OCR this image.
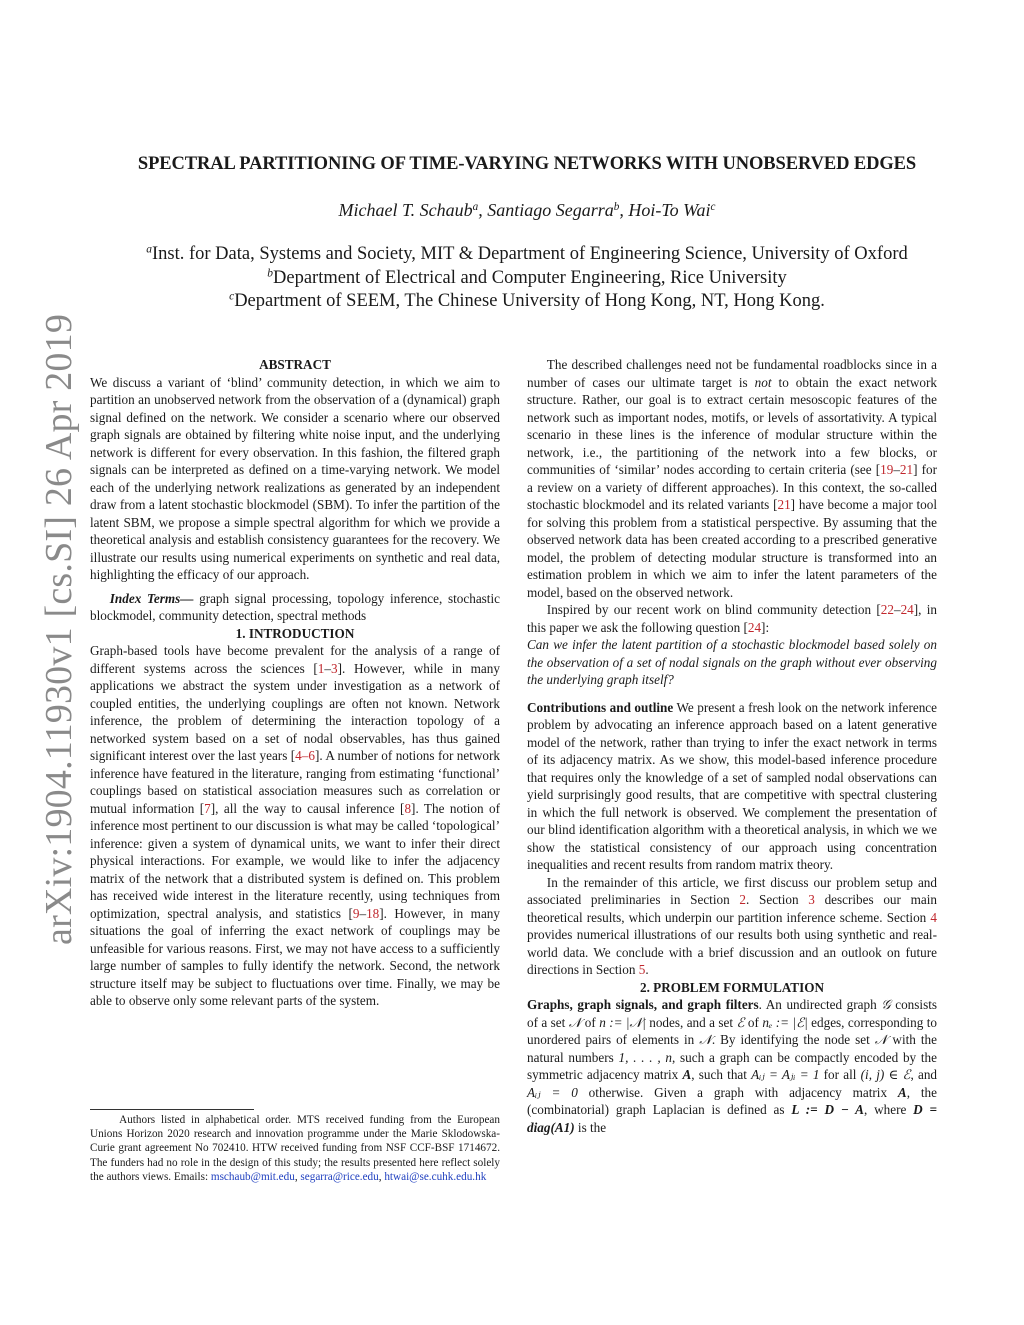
arXiv:1904.11930v1 [cs.SI] 26 Apr 2019
SPECTRAL PARTITIONING OF TIME-VARYING NETWORKS WITH UNOBSERVED EDGES

Michael T. Schaub$^a$, Santiago Segarra$^b$, Hoi-To Wai$^c$

$^a$Inst. for Data, Systems and Society, MIT & Department of Engineering Science, University of Oxford
$^b$Department of Electrical and Computer Engineering, Rice University
$^c$Department of SEEM, The Chinese University of Hong Kong, NT, Hong Kong.

ABSTRACT

We discuss a variant of ‘blind’ community detection, in which we aim to partition an unobserved network from the observation of a (dynamical) graph signal defined on the network. We consider a scenario where our observed graph signals are obtained by filtering white noise input, and the underlying network is different for every observation. In this fashion, the filtered graph signals can be interpreted as defined on a time-varying network. We model each of the underlying network realizations as generated by an independent draw from a latent stochastic blockmodel (SBM). To infer the partition of the latent SBM, we propose a simple spectral algorithm for which we provide a theoretical analysis and establish consistency guarantees for the recovery. We illustrate our results using numerical experiments on synthetic and real data, highlighting the efficacy of our approach.

Index Terms— graph signal processing, topology inference, stochastic blockmodel, community detection, spectral methods

1. INTRODUCTION

Graph-based tools have become prevalent for the analysis of a range of different systems across the sciences [1–3]. However, while in many applications we abstract the system under investigation as a network of coupled entities, the underlying couplings are often not known. Network inference, the problem of determining the interaction topology of a networked system based on a set of nodal observables, has thus gained significant interest over the last years [4–6]. A number of notions for network inference have featured in the literature, ranging from estimating ‘functional’ couplings based on statistical association measures such as correlation or mutual information [7], all the way to causal inference [8]. The notion of inference most pertinent to our discussion is what may be called ‘topological’ inference: given a system of dynamical units, we want to infer their direct physical interactions. For example, we would like to infer the adjacency matrix of the network that a distributed system is defined on. This problem has received wide interest in the literature recently, using techniques from optimization, spectral analysis, and statistics [9–18]. However, in many situations the goal of inferring the exact network of couplings may be unfeasible for various reasons. First, we may not have access to a sufficiently large number of samples to fully identify the network. Second, the network structure itself may be subject to fluctuations over time. Finally, we may be able to observe only some relevant parts of the system.

Authors listed in alphabetical order. MTS received funding from the European Unions Horizon 2020 research and innovation programme under the Marie Sklodowska-Curie grant agreement No 702410. HTW received funding from NSF CCF-BSF 1714672. The funders had no role in the design of this study; the results presented here reflect solely the authors views. Emails: mschaub@mit.edu, segarra@rice.edu, htwai@se.cuhk.edu.hk

The described challenges need not be fundamental roadblocks since in a number of cases our ultimate target is not to obtain the exact network structure. Rather, our goal is to extract certain mesoscopic features of the network such as important nodes, motifs, or levels of assortativity. A typical scenario in these lines is the inference of modular structure within the network, i.e., the partitioning of the network into a few blocks, or communities of ‘similar’ nodes according to certain criteria (see [19–21] for a review on a variety of different approaches). In this context, the so-called stochastic blockmodel and its related variants [21] have become a major tool for solving this problem from a statistical perspective. By assuming that the observed network data has been created according to a prescribed generative model, the problem of detecting modular structure is transformed into an estimation problem in which we aim to infer the latent parameters of the model, based on the observed network.

Inspired by our recent work on blind community detection [22–24], in this paper we ask the following question [24]:

Can we infer the latent partition of a stochastic blockmodel based solely on the observation of a set of nodal signals on the graph without ever observing the underlying graph itself?

Contributions and outline We present a fresh look on the network inference problem by advocating an inference approach based on a latent generative model of the network, rather than trying to infer the exact network in terms of its adjacency matrix. As we show, this model-based inference procedure that requires only the knowledge of a set of sampled nodal observations can yield surprisingly good results, that are competitive with spectral clustering in which the full network is observed. We complement the presentation of our blind identification algorithm with a theoretical analysis, in which we we show the statistical consistency of our approach using concentration inequalities and recent results from random matrix theory.

In the remainder of this article, we first discuss our problem setup and associated preliminaries in Section 2. Section 3 describes our main theoretical results, which underpin our partition inference scheme. Section 4 provides numerical illustrations of our results both using synthetic and real-world data. We conclude with a brief discussion and an outlook on future directions in Section 5.

2. PROBLEM FORMULATION

Graphs, graph signals, and graph filters. An undirected graph 𝒢 consists of a set 𝒩 of n := |𝒩| nodes, and a set ℰ of nₑ := |ℰ| edges, corresponding to unordered pairs of elements in 𝒩. By identifying the node set 𝒩 with the natural numbers 1, . . . , n, such a graph can be compactly encoded by the symmetric adjacency matrix A, such that Aᵢⱼ = Aⱼᵢ = 1 for all (i, j) ∈ ℰ, and Aᵢⱼ = 0 otherwise. Given a graph with adjacency matrix A, the (combinatorial) graph Laplacian is defined as L := D − A, where D = diag(A1) is the
